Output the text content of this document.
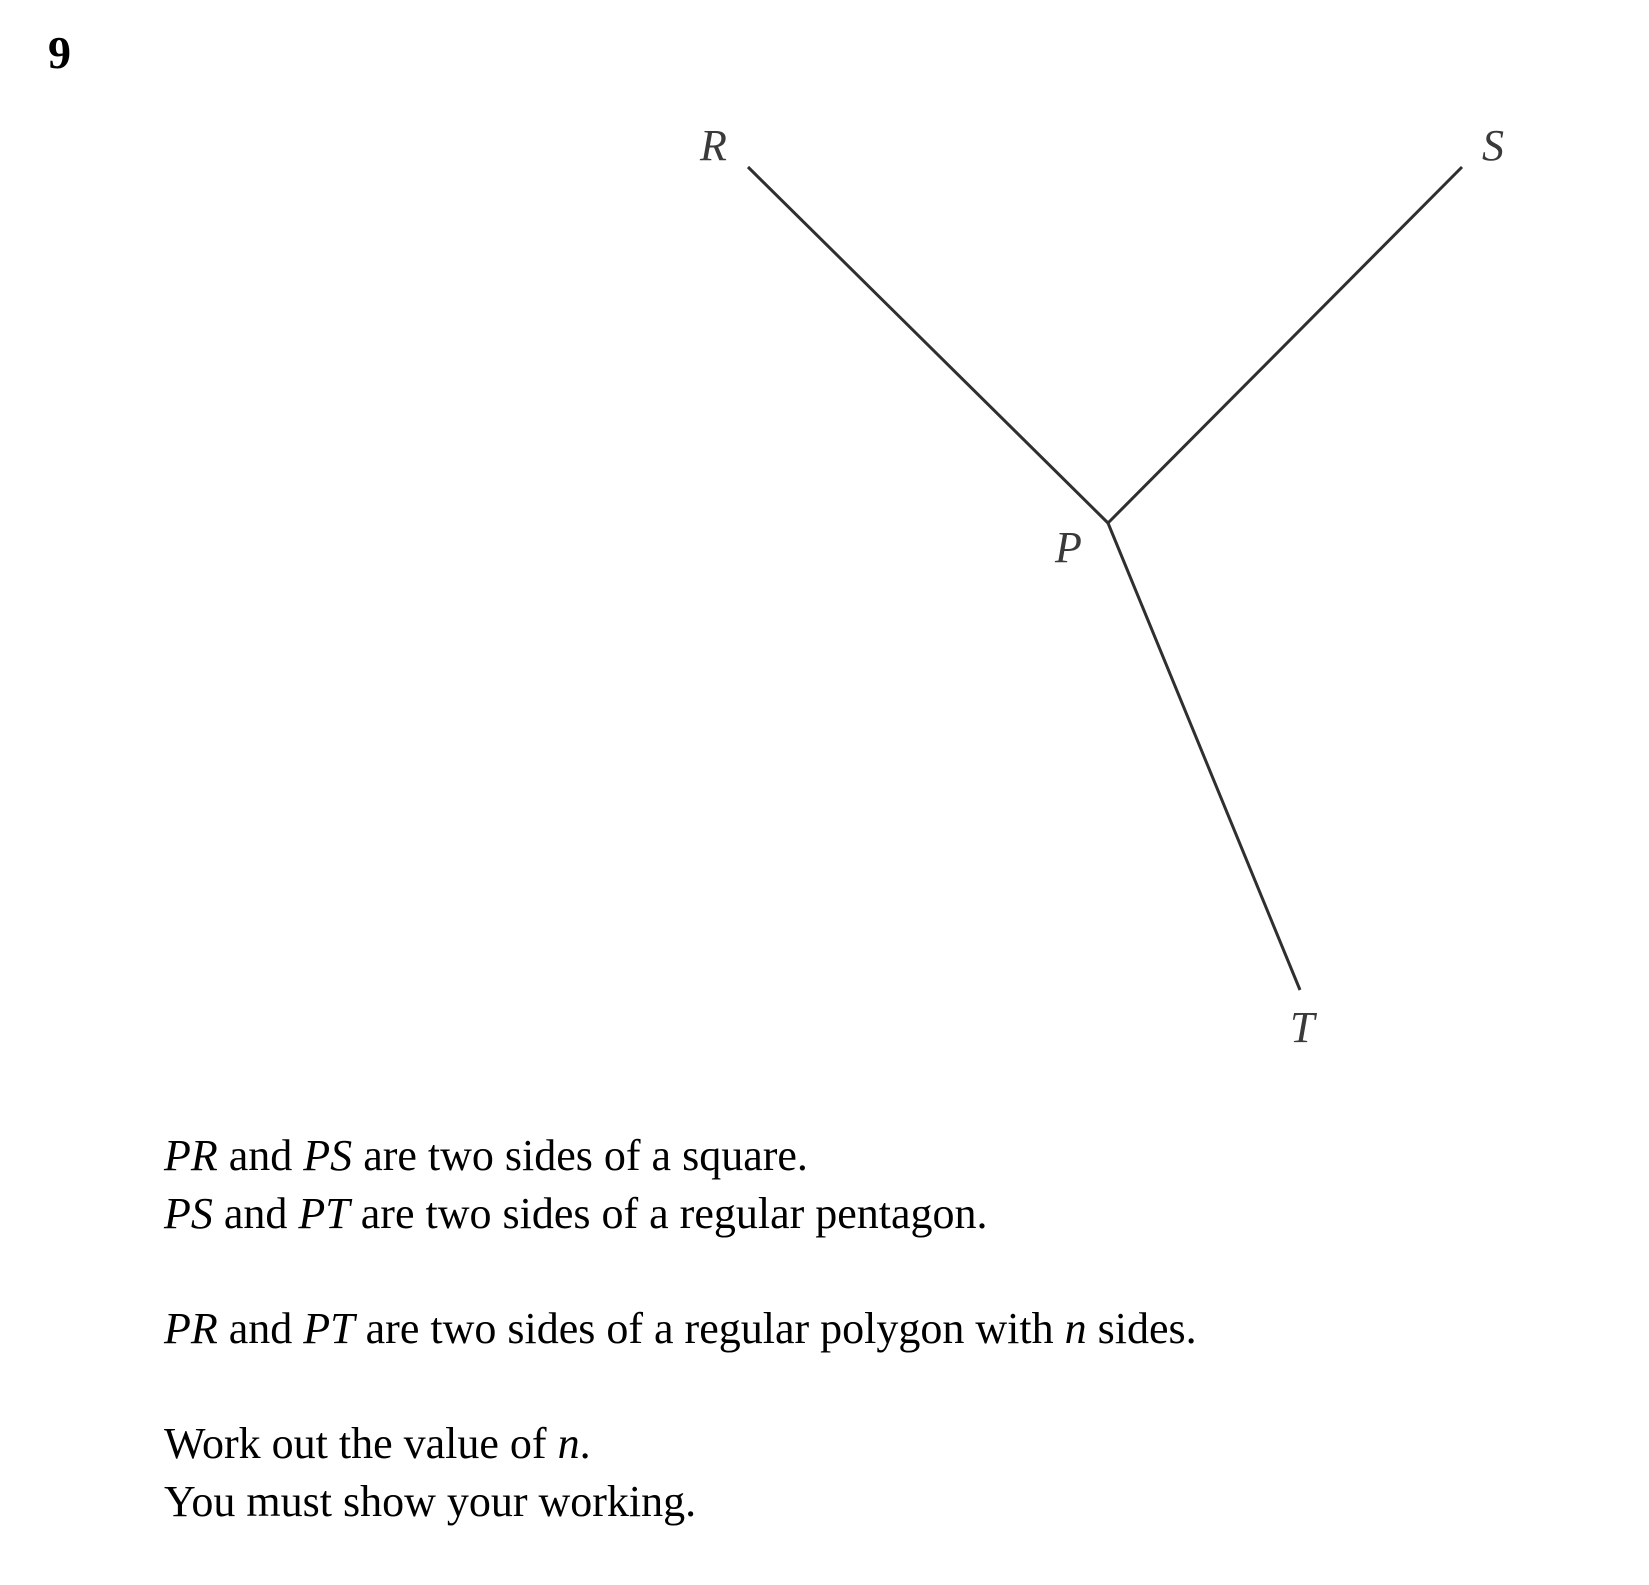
9
R	S
P
T

PR and PS are two sides of a square.

PS and PT are two sides of a regular pentagon.

PR and PT are two sides of a regular polygon with n sides.

Work out the value of n.

You must show your working.
